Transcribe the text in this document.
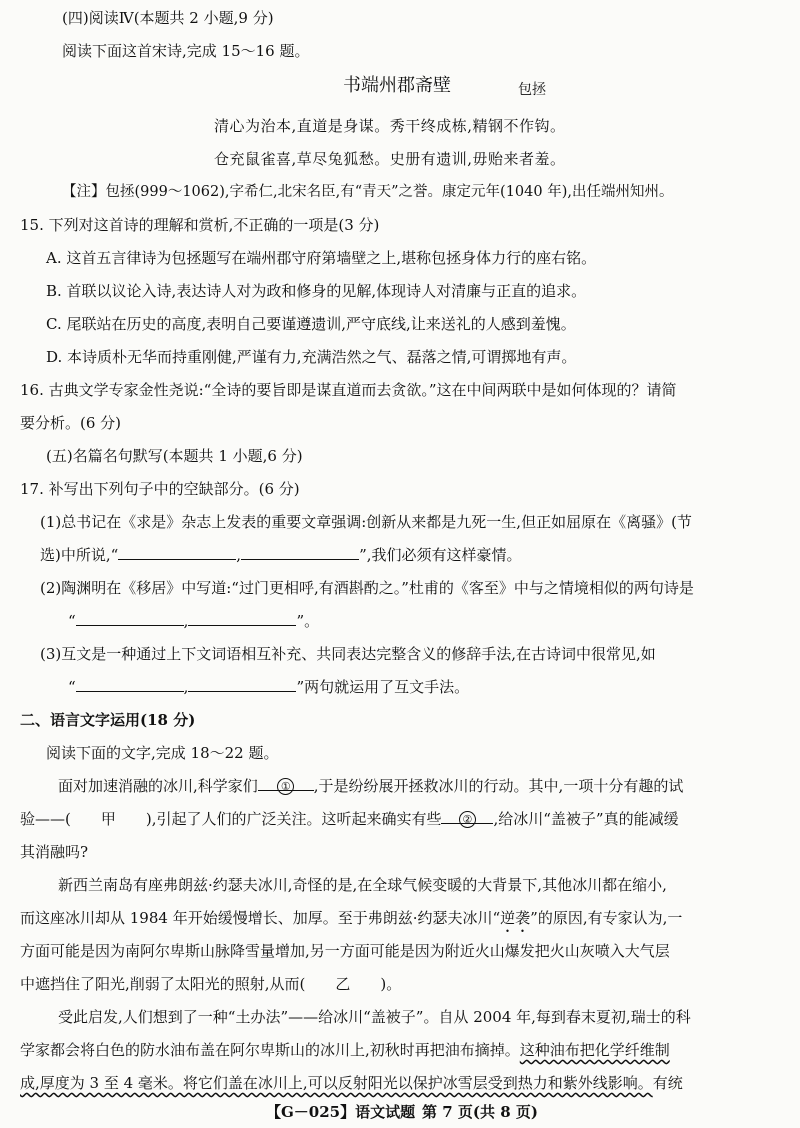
(四)阅读Ⅳ(本题共 2 小题,9 分)
阅读下面这首宋诗,完成 15～16 题。
书端州郡斋壁	包拯
清心为治本,直道是身谋。秀干终成栋,精钢不作钩。
仓充鼠雀喜,草尽兔狐愁。史册有遗训,毋贻来者羞。
【注】包拯(999～1062),字希仁,北宋名臣,有“青天”之誉。康定元年(1040 年),出任端州知州。
15. 下列对这首诗的理解和赏析,不正确的一项是(3 分)
A. 这首五言律诗为包拯题写在端州郡守府第墙壁之上,堪称包拯身体力行的座右铭。
B. 首联以议论入诗,表达诗人对为政和修身的见解,体现诗人对清廉与正直的追求。
C. 尾联站在历史的高度,表明自己要谨遵遗训,严守底线,让来送礼的人感到羞愧。
D. 本诗质朴无华而持重刚健,严谨有力,充满浩然之气、磊落之情,可谓掷地有声。
16. 古典文学专家金性尧说:“全诗的要旨即是谋直道而去贪欲。”这在中间两联中是如何体现的？请简
要分析。(6 分)
(五)名篇名句默写(本题共 1 小题,6 分)
17. 补写出下列句子中的空缺部分。(6 分)
(1)总书记在《求是》杂志上发表的重要文章强调:创新从来都是九死一生,但正如屈原在《离骚》(节
选)中所说,“	,	”,我们必须有这样豪情。
(2)陶渊明在《移居》中写道:“过门更相呼,有酒斟酌之。”杜甫的《客至》中与之情境相似的两句诗是
“	,	”。
(3)互文是一种通过上下文词语相互补充、共同表达完整含义的修辞手法,在古诗词中很常见,如
“	,	”两句就运用了互文手法。
二、语言文字运用(18 分)
阅读下面的文字,完成 18～22 题。
面对加速消融的冰川,科学家们 ① ,于是纷纷展开拯救冰川的行动。其中,一项十分有趣的试
验——(　　甲　　),引起了人们的广泛关注。这听起来确实有些 ② ,给冰川“盖被子”真的能减缓
其消融吗?
新西兰南岛有座弗朗兹·约瑟夫冰川,奇怪的是,在全球气候变暖的大背景下,其他冰川都在缩小,
而这座冰川却从 1984 年开始缓慢增长、加厚。至于弗朗兹·约瑟夫冰川“逆袭”的原因,有专家认为,一
方面可能是因为南阿尔卑斯山脉降雪量增加,另一方面可能是因为附近火山爆发把火山灰喷入大气层
中遮挡住了阳光,削弱了太阳光的照射,从而(　　乙　　)。
受此启发,人们想到了一种“土办法”——给冰川“盖被子”。自从 2004 年,每到春末夏初,瑞士的科
学家都会将白色的防水油布盖在阿尔卑斯山的冰川上,初秋时再把油布摘掉。这种油布把化学纤维制
成,厚度为 3 至 4 毫米。将它们盖在冰川上,可以反射阳光以保护冰雪层受到热力和紫外线影响。有统
【G－025】语文试题 第 7 页(共 8 页)
